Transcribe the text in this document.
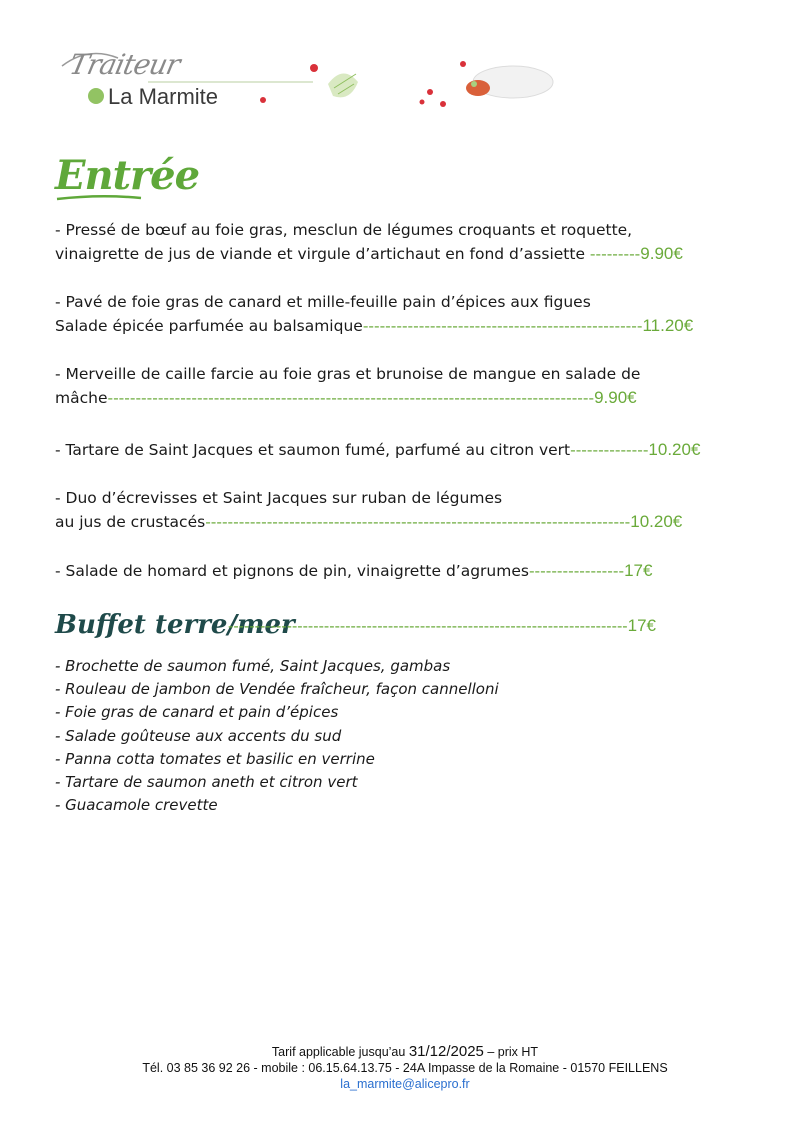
Traiteur
La Marmite
Entrée
- Pressé de bœuf au foie gras, mesclun de légumes croquants et roquette,
vinaigrette de jus de viande et virgule d’artichaut en fond d’assiette ---------9.90€
- Pavé de foie gras de canard et mille-feuille pain d’épices aux figues
Salade épicée parfumée au balsamique--------------------------------------------------11.20€
- Merveille de caille farcie au foie gras et brunoise de mangue en salade de
mâche---------------------------------------------------------------------------------------9.90€
- Tartare de Saint Jacques et saumon fumé, parfumé au citron vert--------------10.20€
- Duo d’écrevisses et Saint Jacques sur ruban de légumes
au jus de crustacés----------------------------------------------------------------------------10.20€
- Salade de homard et pignons de pin, vinaigrette d’agrumes-----------------17€
Buffet terre/mer
---------------------------------------------------------------------------17€
- Brochette de saumon fumé, Saint Jacques, gambas
- Rouleau de jambon de Vendée fraîcheur, façon cannelloni
- Foie gras de canard et pain d’épices
- Salade goûteuse aux accents du sud
- Panna cotta tomates et basilic en verrine
- Tartare de saumon aneth et citron vert
- Guacamole crevette
Tarif applicable jusqu’au 31/12/2025 – prix HT
Tél. 03 85 36 92 26 - mobile : 06.15.64.13.75 - 24A Impasse de la Romaine - 01570 FEILLENS
la_marmite@alicepro.fr
